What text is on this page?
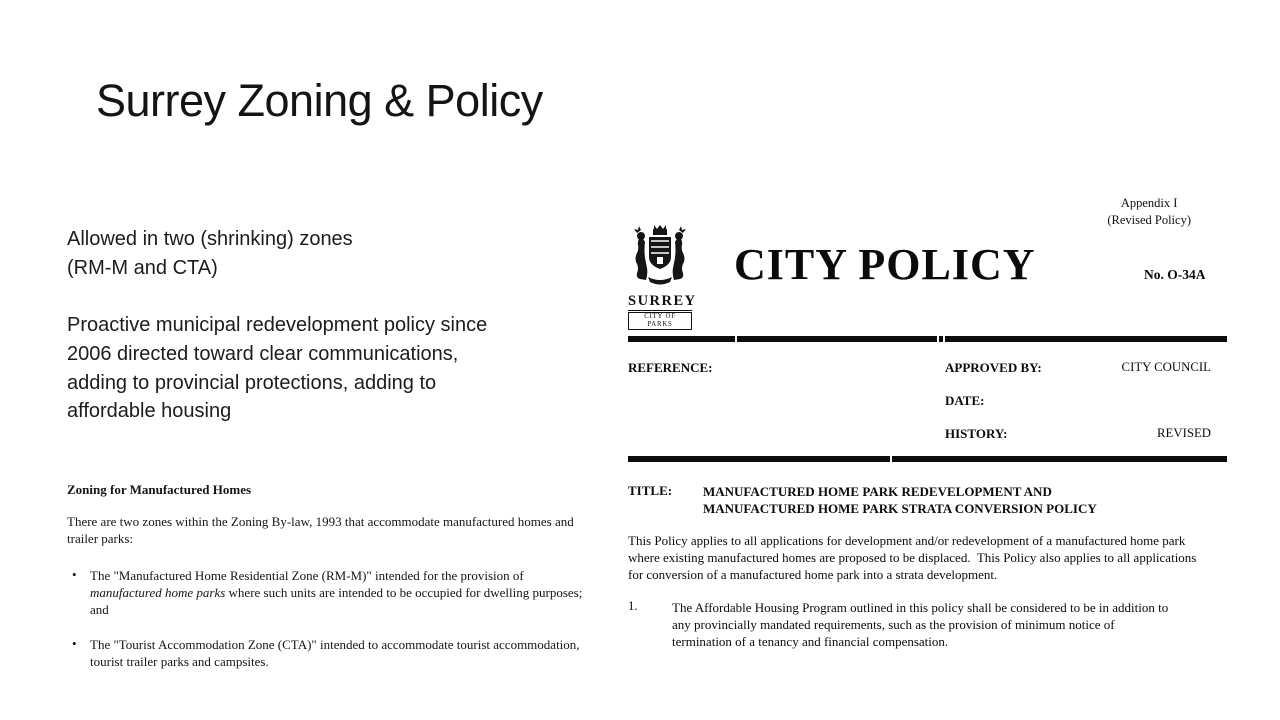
Surrey Zoning & Policy
Allowed in two (shrinking) zones
(RM-M and CTA)
Proactive municipal redevelopment policy since
2006 directed toward clear communications,
adding to provincial protections, adding to
affordable housing
Zoning for Manufactured Homes
There are two zones within the Zoning By-law, 1993 that accommodate manufactured homes and trailer parks:
• The "Manufactured Home Residential Zone (RM-M)" intended for the provision of manufactured home parks where such units are intended to be occupied for dwelling purposes; and
• The "Tourist Accommodation Zone (CTA)" intended to accommodate tourist accommodation, tourist trailer parks and campsites.
Appendix I
(Revised Policy)
SURREY
CITY OF PARKS
CITY POLICY	No. O-34A
REFERENCE:	APPROVED BY:	CITY COUNCIL
DATE:
HISTORY:	REVISED
TITLE: MANUFACTURED HOME PARK REDEVELOPMENT AND
MANUFACTURED HOME PARK STRATA CONVERSION POLICY
This Policy applies to all applications for development and/or redevelopment of a manufactured home park where existing manufactured homes are proposed to be displaced.  This Policy also applies to all applications for conversion of a manufactured home park into a strata development.
1.	The Affordable Housing Program outlined in this policy shall be considered to be in addition to any provincially mandated requirements, such as the provision of minimum notice of termination of a tenancy and financial compensation.
